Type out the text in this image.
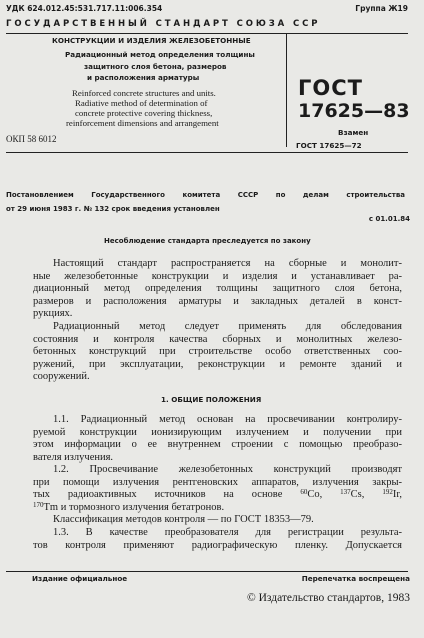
УДК 624.012.45:531.717.11:006.354	Группа Ж19
ГОСУДАРСТВЕННЫЙ СТАНДАРТ СОЮЗА ССР
КОНСТРУКЦИИ И ИЗДЕЛИЯ ЖЕЛЕЗОБЕТОННЫЕ
Радиационный метод определения толщины
защитного слоя бетона, размеров
и расположения арматуры
Reinforced concrete structures and units.
Radiative method of determination of
concrete protective covering thickness,
reinforcement dimensions and arrangement
ОКП 58 6012
ГОСТ
17625—83
Взамен
ГОСТ 17625—72
Постановлением Государственного комитета СССР по делам строительства
от 29 июня 1983 г. № 132 срок введения установлен
с 01.01.84
Несоблюдение стандарта преследуется по закону
Настоящий стандарт распространяется на сборные и монолит-
ные железобетонные конструкции и изделия и устанавливает ра-
диационный метод определения толщины защитного слоя бетона,
размеров и расположения арматуры и закладных деталей в конст-
рукциях.
Радиационный метод следует применять для обследования
состояния и контроля качества сборных и монолитных железо-
бетонных конструкций при строительстве особо ответственных соо-
ружений, при эксплуатации, реконструкции и ремонте зданий и
сооружений.
1. ОБЩИЕ ПОЛОЖЕНИЯ
1.1. Радиационный метод основан на просвечивании контролиру-
руемой конструкции ионизирующим излучением и получении при
этом информации о ее внутреннем строении с помощью преобразо-
вателя излучения.
1.2. Просвечивание железобетонных конструкций производят
при помощи излучения рентгеновских аппаратов, излучения закры-
тых радиоактивных источников на основе $^{60}$Co,	$^{137}$Cs,	$^{192}$Ir,
$^{170}$Tm и тормозного излучения бетатронов.
Классификация методов контроля — по ГОСТ 18353—79.
1.3. В качестве преобразователя для регистрации результа-
тов контроля применяют радиографическую пленку. Допускается
Издание официальное	Перепечатка воспрещена
© Издательство стандартов, 1983
